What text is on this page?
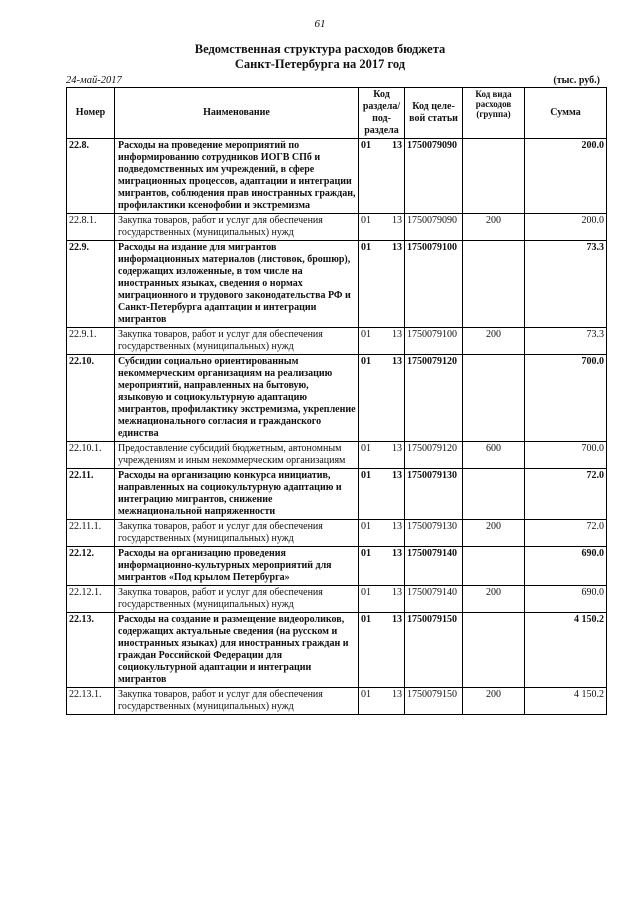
61
Ведомственная структура расходов бюджета
Санкт-Петербурга на 2017 год
24-май-2017	(тыс. руб.)
Номер	Наименование	Код раздела/ под-раздела	Код целе-вой статьи	Код вида расходов (группа)	Сумма
22.8.	Расходы на проведение мероприятий по информированию сотрудников ИОГВ СПб и подведомственных им учреждений, в сфере миграционных процессов, адаптации и интеграции мигрантов, соблюдения прав иностранных граждан, профилактики ксенофобии и экстремизма	01 13	1750079090		200.0
22.8.1.	Закупка товаров, работ и услуг для обеспечения государственных (муниципальных) нужд	01 13	1750079090	200	200.0
22.9.	Расходы на издание для мигрантов информационных материалов (листовок, брошюр), содержащих изложенные, в том числе на иностранных языках, сведения о нормах миграционного и трудового законодательства РФ и Санкт-Петербурга адаптации и интеграции мигрантов	01 13	1750079100		73.3
22.9.1.	Закупка товаров, работ и услуг для обеспечения государственных (муниципальных) нужд	01 13	1750079100	200	73.3
22.10.	Субсидии социально ориентированным некоммерческим организациям на реализацию мероприятий, направленных на бытовую, языковую и социокультурную адаптацию мигрантов, профилактику экстремизма, укрепление межнационального согласия и гражданского единства	01 13	1750079120		700.0
22.10.1.	Предоставление субсидий бюджетным, автономным учреждениям и иным некоммерческим организациям	01 13	1750079120	600	700.0
22.11.	Расходы на организацию конкурса инициатив, направленных на социокультурную адаптацию и интеграцию мигрантов, снижение межнациональной напряженности	01 13	1750079130		72.0
22.11.1.	Закупка товаров, работ и услуг для обеспечения государственных (муниципальных) нужд	01 13	1750079130	200	72.0
22.12.	Расходы на организацию проведения информационно-культурных мероприятий для мигрантов «Под крылом Петербурга»	01 13	1750079140		690.0
22.12.1.	Закупка товаров, работ и услуг для обеспечения государственных (муниципальных) нужд	01 13	1750079140	200	690.0
22.13.	Расходы на создание и размещение видеороликов, содержащих актуальные сведения (на русском и иностранных языках) для иностранных граждан и граждан Российской Федерации для социокультурной адаптации и интеграции мигрантов	01 13	1750079150		4 150.2
22.13.1.	Закупка товаров, работ и услуг для обеспечения государственных (муниципальных) нужд	01 13	1750079150	200	4 150.2
